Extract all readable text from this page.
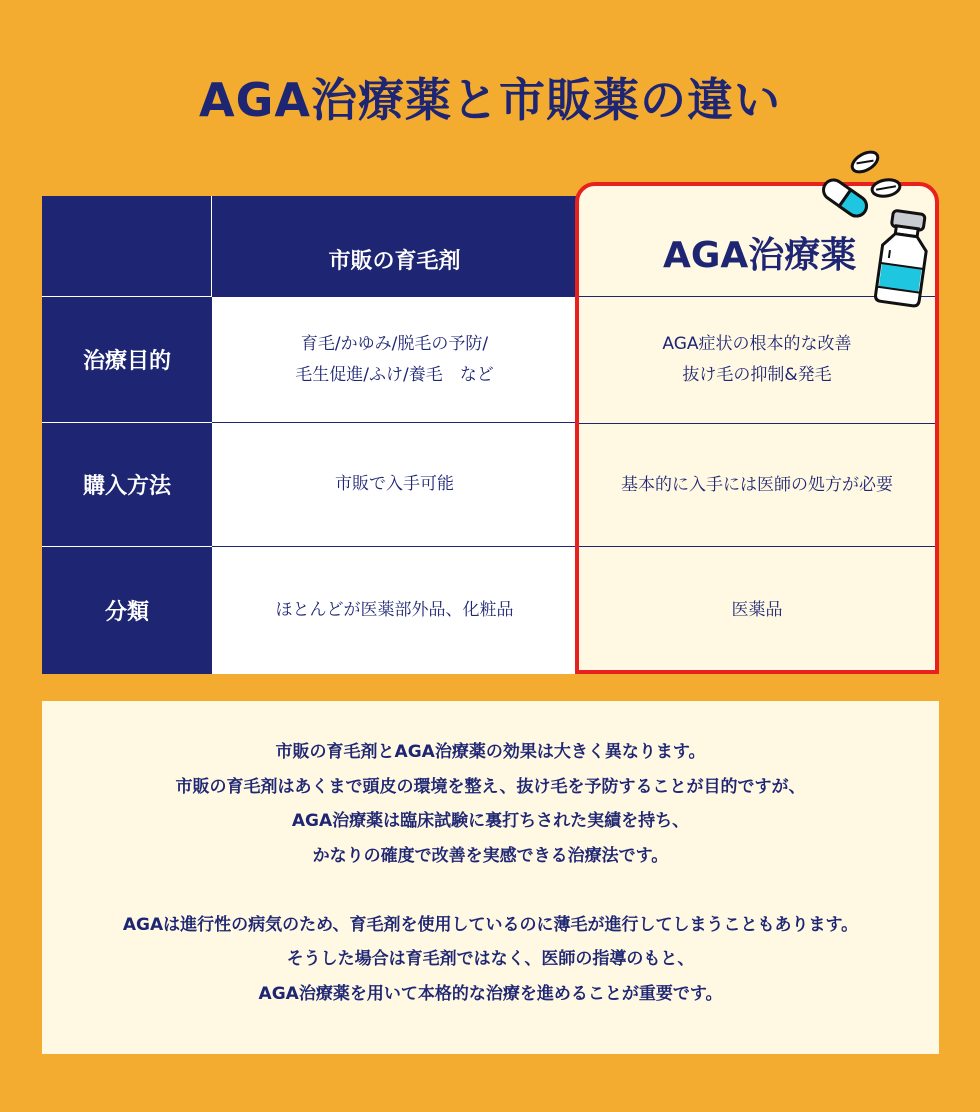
AGA治療薬と市販薬の違い
市販の育毛剤
治療目的
育毛/かゆみ/脱毛の予防/
毛生促進/ふけ/養毛　など
購入方法	市販で入手可能
分類	ほとんどが医薬部外品、化粧品
AGA治療薬
AGA症状の根本的な改善
抜け毛の抑制&発毛
基本的に入手には医師の処方が必要
医薬品

市販の育毛剤とAGA治療薬の効果は大きく異なります。

市販の育毛剤はあくまで頭皮の環境を整え、抜け毛を予防することが目的ですが、

AGA治療薬は臨床試験に裏打ちされた実績を持ち、

かなりの確度で改善を実感できる治療法です。

AGAは進行性の病気のため、育毛剤を使用しているのに薄毛が進行してしまうこともあります。

そうした場合は育毛剤ではなく、医師の指導のもと、

AGA治療薬を用いて本格的な治療を進めることが重要です。
